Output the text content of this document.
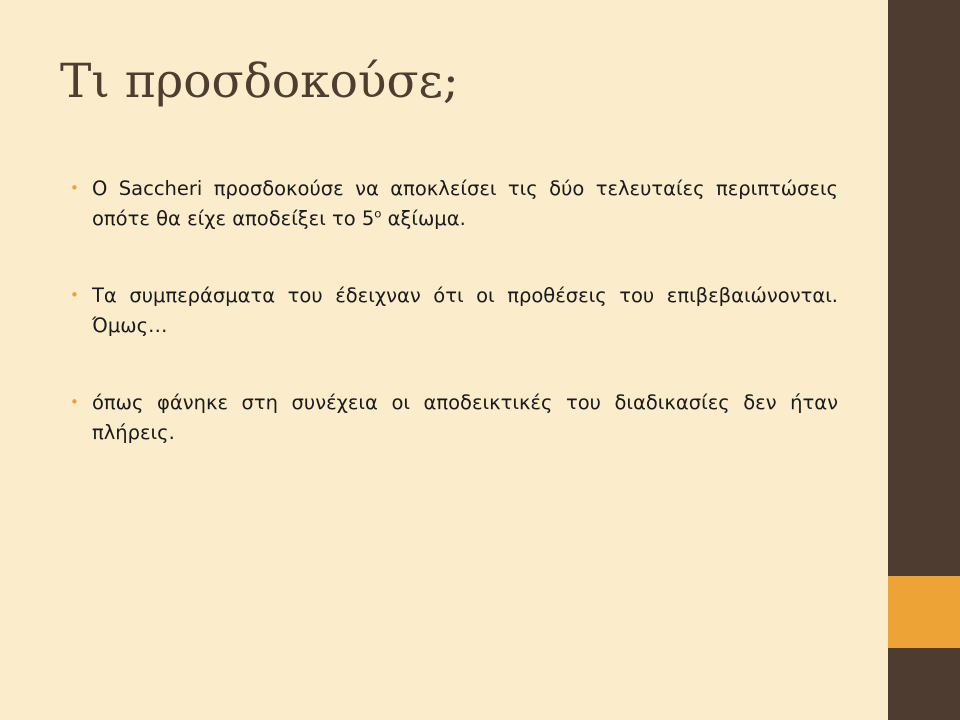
Τι προσδοκούσε;
• Ο Saccheri προσδοκούσε να αποκλείσει τις δύο τελευταίες περιπτώσεις οπότε θα είχε αποδείξει το $5^o$ αξίωμα.
• Τα συμπεράσματα του έδειχναν ότι οι προθέσεις του επιβεβαιώνονται. Όμως…
• όπως φάνηκε στη συνέχεια οι αποδεικτικές του διαδικασίες δεν ήταν πλήρεις.
